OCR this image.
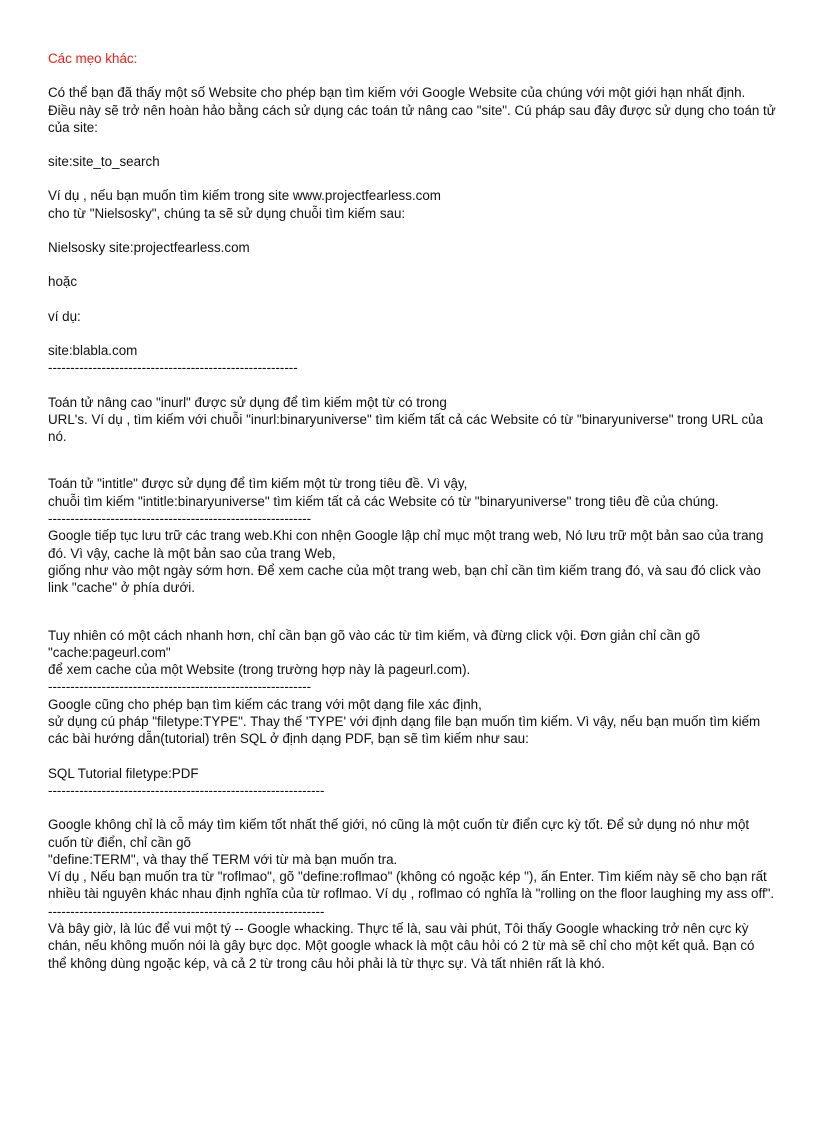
Các mẹo khác:

Có thể bạn đã thấy một số Website cho phép bạn tìm kiếm với Google Website của chúng với một giới hạn nhất định. Điều này sẽ trở nên hoàn hảo bằng cách sử dụng các toán tử nâng cao "site". Cú pháp sau đây được sử dụng cho toán tử của site:

site:site_to_search

Ví dụ , nếu bạn muốn tìm kiếm trong site www.projectfearless.com

cho từ "Nielsosky", chúng ta sẽ sử dụng chuỗi tìm kiếm sau:

Nielsosky site:projectfearless.com

hoặc

ví dụ:

site:blabla.com

--------------------------------------------------------

Toán tử nâng cao "inurl" được sử dụng để tìm kiếm một từ có trong

URL's. Ví dụ , tìm kiếm với chuỗi "inurl:binaryuniverse" tìm kiếm tất cả các Website có từ "binaryuniverse" trong URL của nó.

Toán tử "intitle" được sử dụng để tìm kiếm một từ trong tiêu đề. Vì vậy,

chuỗi tìm kiếm "intitle:binaryuniverse" tìm kiếm tất cả các Website có từ "binaryuniverse" trong tiêu đề của chúng.

-----------------------------------------------------------

Google tiếp tục lưu trữ các trang web.Khi con nhện Google lập chỉ mục một trang web, Nó lưu trữ một bản sao của trang đó. Vì vậy, cache là một bản sao của trang Web,

giống như vào một ngày sớm hơn. Để xem cache của một trang web, bạn chỉ cần tìm kiếm trang đó, và sau đó click vào link "cache" ở phía dưới.

Tuy nhiên có một cách nhanh hơn, chỉ cần bạn gõ vào các từ tìm kiếm, và đừng click vội. Đơn giản chỉ cần gõ "cache:pageurl.com"

để xem cache của một Website (trong trường hợp này là pageurl.com).

-----------------------------------------------------------

Google cũng cho phép bạn tìm kiếm các trang với một dạng file xác định,

sử dụng cú pháp "filetype:TYPE". Thay thế 'TYPE' với định dạng file bạn muốn tìm kiếm. Vì vậy, nếu bạn muốn tìm kiếm các bài hướng dẫn(tutorial) trên SQL ở định dạng PDF, bạn sẽ tìm kiếm như sau:

SQL Tutorial filetype:PDF

--------------------------------------------------------------

Google không chỉ là cỗ máy tìm kiếm tốt nhất thế giới, nó cũng là một cuốn từ điển cực kỳ tốt. Để sử dụng nó như một cuốn từ điển, chỉ cần gõ

"define:TERM", và thay thế TERM với từ mà bạn muốn tra.

Ví dụ , Nếu bạn muốn tra từ "roflmao", gõ "define:roflmao" (không có ngoặc kép "), ấn Enter. Tìm kiếm này sẽ cho bạn rất nhiều tài nguyên khác nhau định nghĩa của từ roflmao. Ví dụ , roflmao có nghĩa là "rolling on the floor laughing my ass off".

--------------------------------------------------------------

Và bây giờ, là lúc để vui một tý -- Google whacking. Thực tế là, sau vài phút, Tôi thấy Google whacking trở nên cực kỳ chán, nếu không muốn nói là gây bực dọc. Một google whack là một câu hỏi có 2 từ mà sẽ chỉ cho một kết quả. Bạn có thể không dùng ngoặc kép, và cả 2 từ trong câu hỏi phải là từ thực sự. Và tất nhiên rất là khó.
